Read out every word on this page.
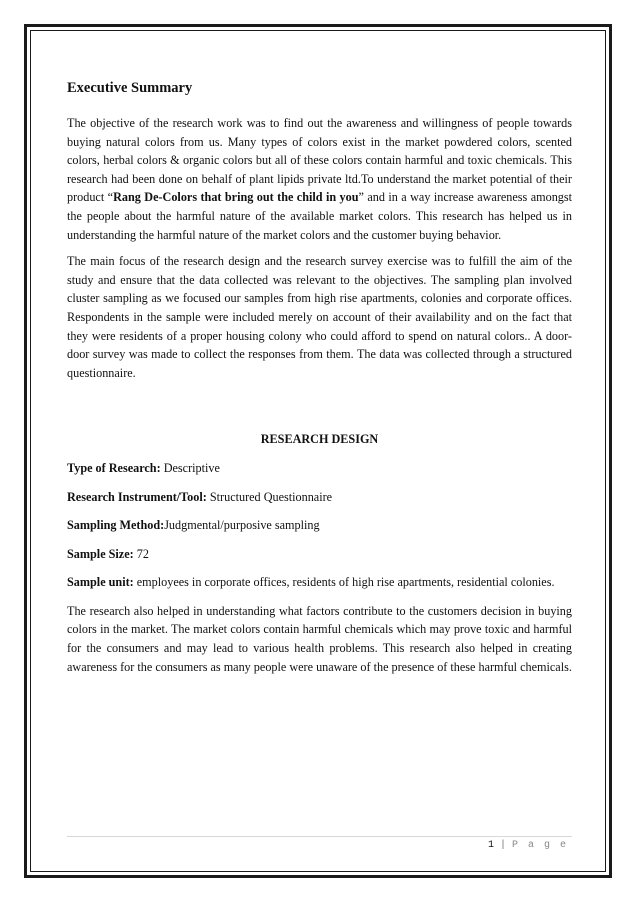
Executive Summary

The objective of the research work was to find out the awareness and willingness of people towards buying natural colors from us. Many types of colors exist in the market powdered colors, scented colors, herbal colors & organic colors but all of these colors contain harmful and toxic chemicals. This research had been done on behalf of plant lipids private ltd.To understand the market potential of their product “Rang De-Colors that bring out the child in you” and in a way increase awareness amongst the people about the harmful nature of the available market colors. This research has helped us in understanding the harmful nature of the market colors and the customer buying behavior.

The main focus of the research design and the research survey exercise was to fulfill the aim of the study and ensure that the data collected was relevant to the objectives. The sampling plan involved cluster sampling as we focused our samples from high rise apartments, colonies and corporate offices. Respondents in the sample were included merely on account of their availability and on the fact that they were residents of a proper housing colony who could afford to spend on natural colors.. A door-door survey was made to collect the responses from them. The data was collected through a structured questionnaire.

RESEARCH DESIGN

Type of Research: Descriptive

Research Instrument/Tool: Structured Questionnaire

Sampling Method:Judgmental/purposive sampling

Sample Size: 72

Sample unit: employees in corporate offices, residents of high rise apartments, residential colonies.

The research also helped in understanding what factors contribute to the customers decision in buying colors in the market. The market colors contain harmful chemicals which may prove toxic and harmful for the consumers and may lead to various health problems. This research also helped in creating awareness for the consumers as many people were unaware of the presence of these harmful chemicals.

1 | P a g e
